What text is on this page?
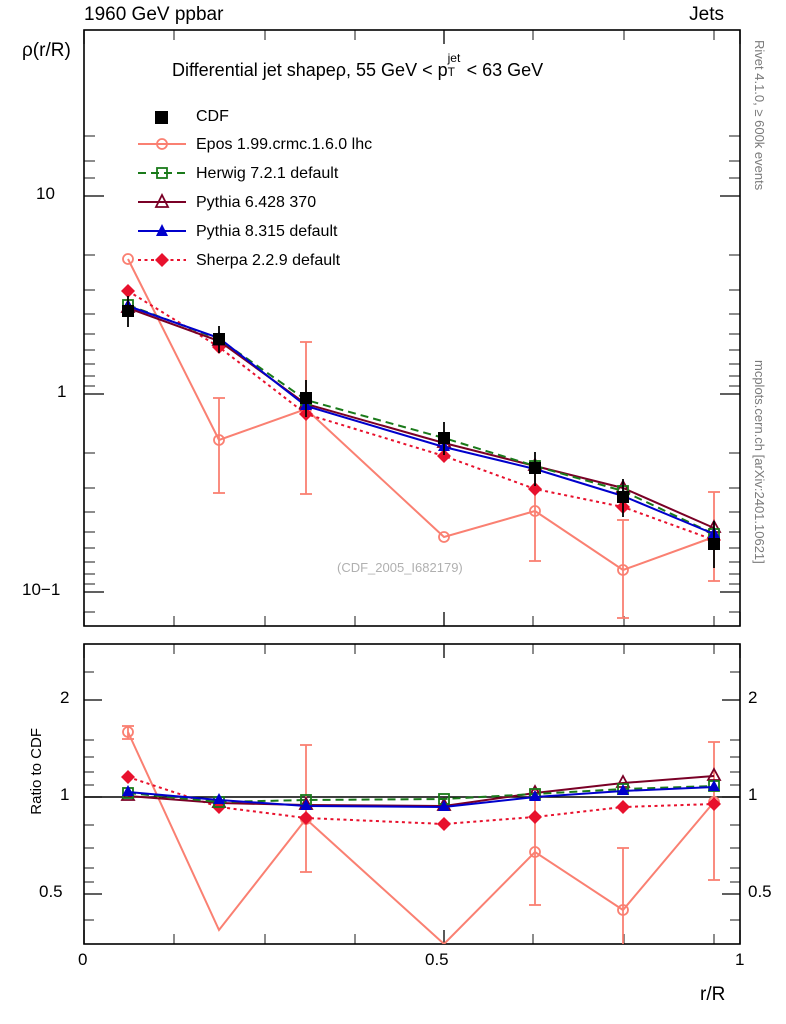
1960 GeV ppbar	Jets
Rivet 4.1.0, ≥ 600k events
mcplots.cern.ch [arXiv:2401.10621]
ρ(r/R)
10
1
10−1
Differential jet shapeρ, 55 GeV < p T
jet
< 63 GeV
CDF
Epos 1.99.crmc.1.6.0 lhc
Herwig 7.2.1 default
Pythia 6.428 370
Pythia 8.315 default
Sherpa 2.2.9 default
(CDF_2005_I682179)
Ratio to CDF
2
1
0.5
2
1
0.5
0	0.5	1
r/R
